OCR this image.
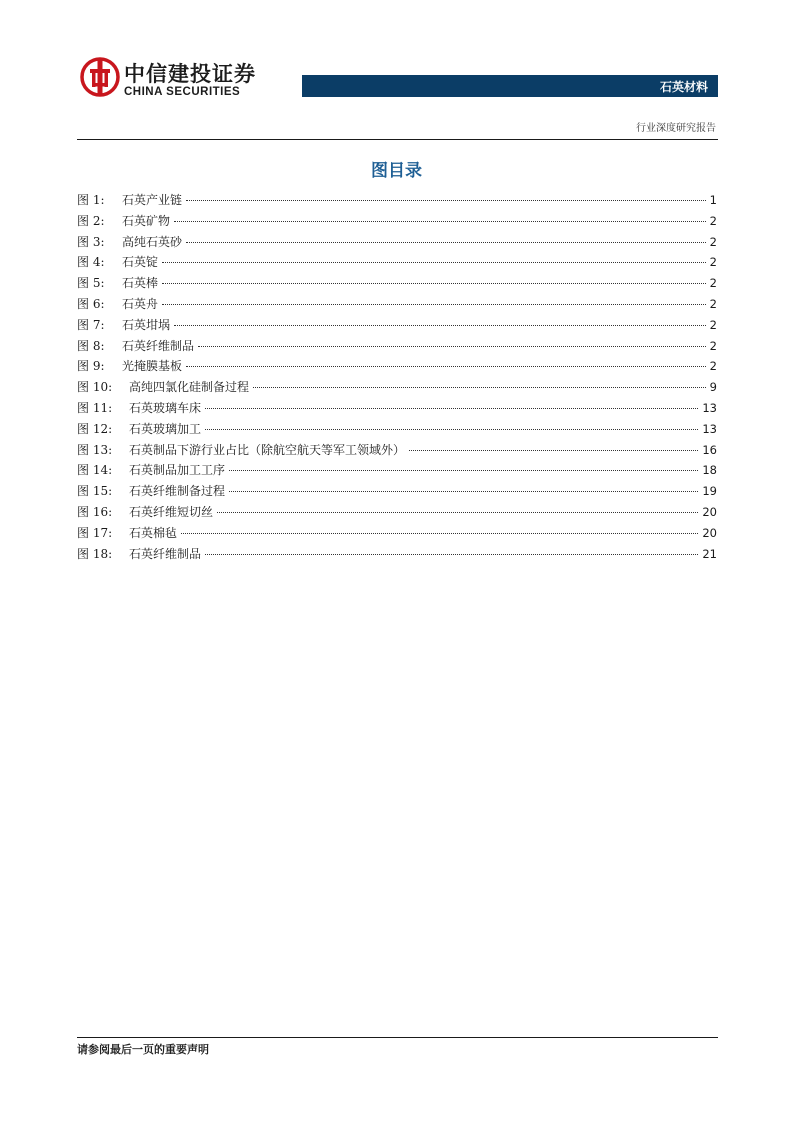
中信建投证券
CHINA SECURITIES	石英材料
行业深度研究报告
图目录
图 1:	石英产业链	1
图 2:	石英矿物	2
图 3:	高纯石英砂	2
图 4:	石英锭	2
图 5:	石英棒	2
图 6:	石英舟	2
图 7:	石英坩埚	2
图 8:	石英纤维制品	2
图 9:	光掩膜基板	2
图 10:	高纯四氯化硅制备过程	9
图 11:	石英玻璃车床	13
图 12:	石英玻璃加工	13
图 13:	石英制品下游行业占比（除航空航天等军工领域外）	16
图 14:	石英制品加工工序	18
图 15:	石英纤维制备过程	19
图 16:	石英纤维短切丝	20
图 17:	石英棉毡	20
图 18:	石英纤维制品	21
请参阅最后一页的重要声明
